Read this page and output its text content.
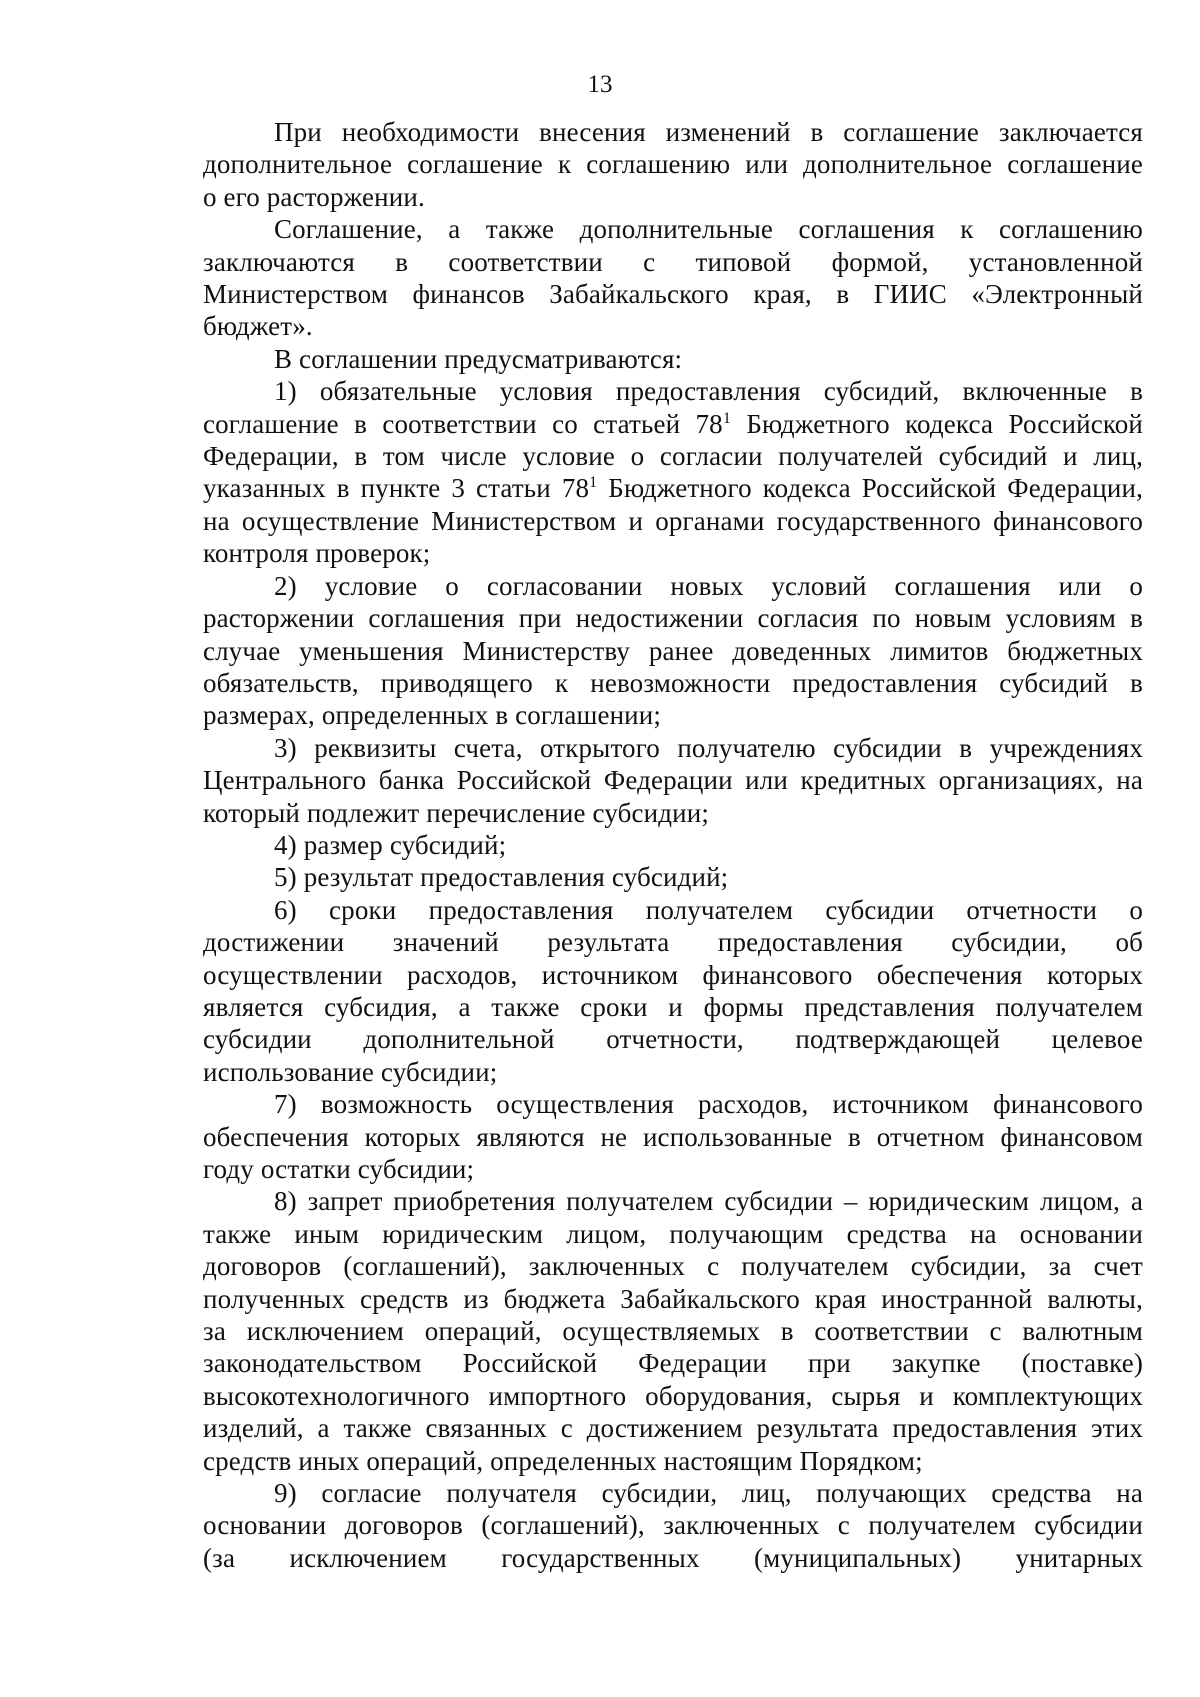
13
При необходимости внесения изменений в соглашение заключается
дополнительное соглашение к соглашению или дополнительное соглашение
о его расторжении.
Соглашение, а также дополнительные соглашения к соглашению
заключаются в соответствии с типовой формой, установленной
Министерством финансов Забайкальского края, в ГИИС «Электронный
бюджет».
В соглашении предусматриваются:
1) обязательные условия предоставления субсидий, включенные в
соглашение в соответствии со статьей $78^1$ Бюджетного кодекса Российской
Федерации, в том числе условие о согласии получателей субсидий и лиц,
указанных в пункте 3 статьи $78^1$ Бюджетного кодекса Российской Федерации,
на осуществление Министерством и органами государственного финансового
контроля проверок;
2) условие о согласовании новых условий соглашения или о
расторжении соглашения при недостижении согласия по новым условиям в
случае уменьшения Министерству ранее доведенных лимитов бюджетных
обязательств, приводящего к невозможности предоставления субсидий в
размерах, определенных в соглашении;
3) реквизиты счета, открытого получателю субсидии в учреждениях
Центрального банка Российской Федерации или кредитных организациях, на
который подлежит перечисление субсидии;
4) размер субсидий;
5) результат предоставления субсидий;
6) сроки предоставления получателем субсидии отчетности о
достижении значений результата предоставления субсидии, об
осуществлении расходов, источником финансового обеспечения которых
является субсидия, а также сроки и формы представления получателем
субсидии дополнительной отчетности, подтверждающей целевое
использование субсидии;
7) возможность осуществления расходов, источником финансового
обеспечения которых являются не использованные в отчетном финансовом
году остатки субсидии;
8) запрет приобретения получателем субсидии – юридическим лицом, а
также иным юридическим лицом, получающим средства на основании
договоров (соглашений), заключенных с получателем субсидии, за счет
полученных средств из бюджета Забайкальского края иностранной валюты,
за исключением операций, осуществляемых в соответствии с валютным
законодательством Российской Федерации при закупке (поставке)
высокотехнологичного импортного оборудования, сырья и комплектующих
изделий, а также связанных с достижением результата предоставления этих
средств иных операций, определенных настоящим Порядком;
9) согласие получателя субсидии, лиц, получающих средства на
основании договоров (соглашений), заключенных с получателем субсидии
(за исключением государственных (муниципальных) унитарных
